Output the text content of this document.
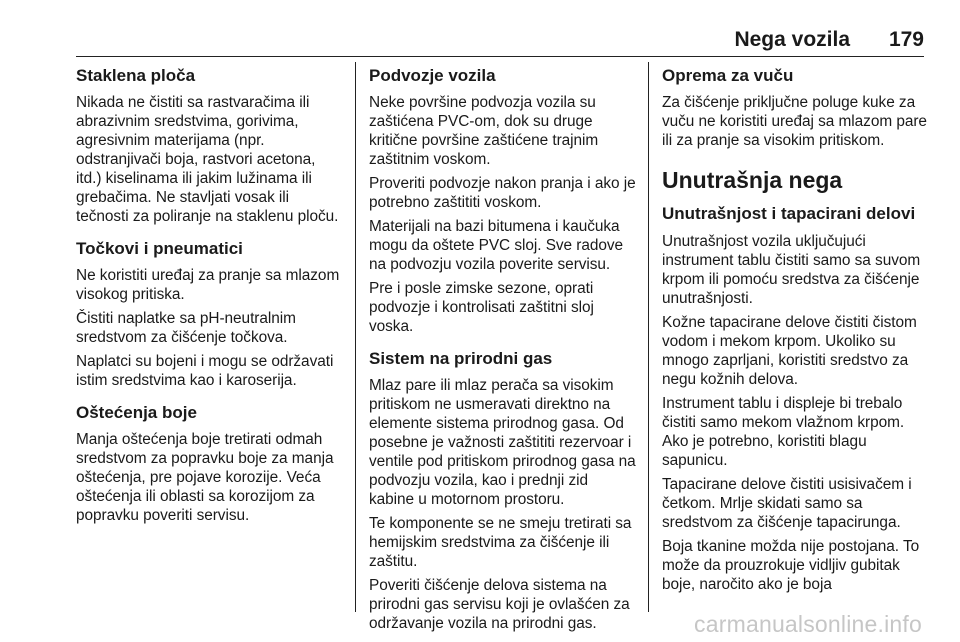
Nega vozila 179
Staklena ploča

Nikada ne čistiti sa rastvaračima ili abrazivnim sredstvima, gorivima, agresivnim materijama (npr. odstranjivači boja, rastvori acetona, itd.) kiselinama ili jakim lužinama ili grebačima. Ne stavljati vosak ili tečnosti za poliranje na staklenu ploču.

Točkovi i pneumatici

Ne koristiti uređaj za pranje sa mlazom visokog pritiska.

Čistiti naplatke sa pH-neutralnim sredstvom za čišćenje točkova.

Naplatci su bojeni i mogu se održavati istim sredstvima kao i karoserija.

Oštećenja boje

Manja oštećenja boje tretirati odmah sredstvom za popravku boje za manja oštećenja, pre pojave korozije. Veća oštećenja ili oblasti sa korozijom za popravku poveriti servisu.

Podvozje vozila

Neke površine podvozja vozila su zaštićena PVC-om, dok su druge kritične površine zaštićene trajnim zaštitnim voskom.

Proveriti podvozje nakon pranja i ako je potrebno zaštititi voskom.

Materijali na bazi bitumena i kaučuka mogu da oštete PVC sloj. Sve radove na podvozju vozila poverite servisu.

Pre i posle zimske sezone, oprati podvozje i kontrolisati zaštitni sloj voska.

Sistem na prirodni gas

Mlaz pare ili mlaz perača sa visokim pritiskom ne usmeravati direktno na elemente sistema prirodnog gasa. Od posebne je važnosti zaštititi rezervoar i ventile pod pritiskom prirodnog gasa na podvozju vozila, kao i prednji zid kabine u motornom prostoru.

Te komponente se ne smeju tretirati sa hemijskim sredstvima za čišćenje ili zaštitu.

Poveriti čišćenje delova sistema na prirodni gas servisu koji je ovlašćen za održavanje vozila na prirodni gas.

Oprema za vuču

Za čišćenje priključne poluge kuke za vuču ne koristiti uređaj sa mlazom pare ili za pranje sa visokim pritiskom.

Unutrašnja nega
Unutrašnjost i tapacirani delovi

Unutrašnjost vozila uključujući instrument tablu čistiti samo sa suvom krpom ili pomoću sredstva za čišćenje unutrašnjosti.

Kožne tapacirane delove čistiti čistom vodom i mekom krpom. Ukoliko su mnogo zaprljani, koristiti sredstvo za negu kožnih delova.

Instrument tablu i displeje bi trebalo čistiti samo mekom vlažnom krpom. Ako je potrebno, koristiti blagu sapunicu.

Tapacirane delove čistiti usisivačem i četkom. Mrlje skidati samo sa sredstvom za čišćenje tapacirunga.

Boja tkanine možda nije postojana. To može da prouzrokuje vidljiv gubitak boje, naročito ako je boja

carmanualsonline.info
